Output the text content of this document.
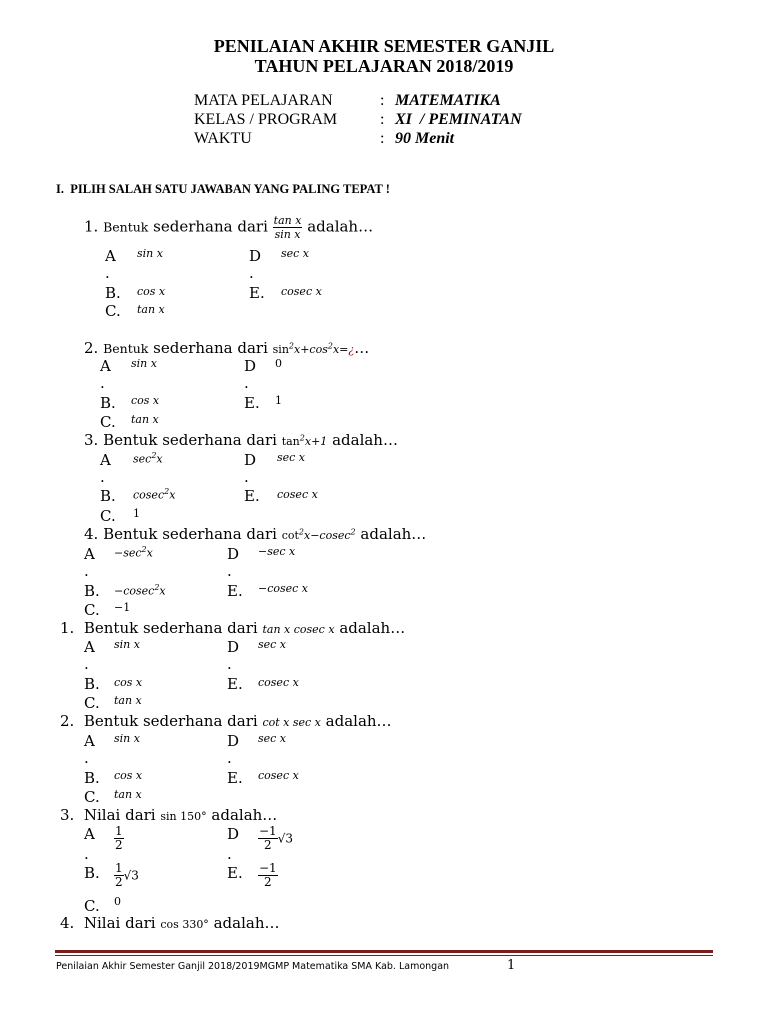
PENILAIAN AKHIR SEMESTER GANJIL
TAHUN PELAJARAN 2018/2019
MATA PELAJARAN	: MATEMATIKA
KELAS / PROGRAM	: XI  / PEMINATAN
WAKTU	: 90 Menit
I.  PILIH SALAH SATU JAWABAN YANG PALING TEPAT !
1. Bentuk sederhana dari $\frac{\text{tan x}}{\text{sin x}}$ adalah…
A
.
sin x
B. cos x
C. tan x
D
.
sec x
E. cosec x
2. Bentuk sederhana dari $\sin^2x+\cos^2x=¿\dots$
A
.
sin x
B. cos x
C. tan x
D
.
0
E. 1
3. Bentuk sederhana dari $\tan^2x+1$ adalah…
A
.
$\sec^2x$
B. cosec$^2$x
C. 1
D
.
sec x
E. cosec x
4. Bentuk sederhana dari $\cot^2x-cosec^2$ adalah…
A
.
$-\sec^2x$
B. −cosec$^2$x
C. −1
D
.
−sec x
E. −cosec x
1. Bentuk sederhana dari tan x cosec x adalah…
A
.
sin x
B. cos x
C. tan x
D
.
sec x
E. cosec x
2. Bentuk sederhana dari cot x sec x adalah…
A
.
sin x
B. cos x
C. tan x
D
.
sec x
E. cosec x
3. Nilai dari sin 150° adalah…
A
.
$\frac{1}{2}$
B. $\frac{1}{2} √3$
C. 0
D
.
$\frac{-1}{2} √3$
E. $\frac{-1}{2}$
4. Nilai dari cos 330° adalah…
Penilaian Akhir Semester Ganjil 2018/2019MGMP Matematika SMA Kab. Lamongan	1
